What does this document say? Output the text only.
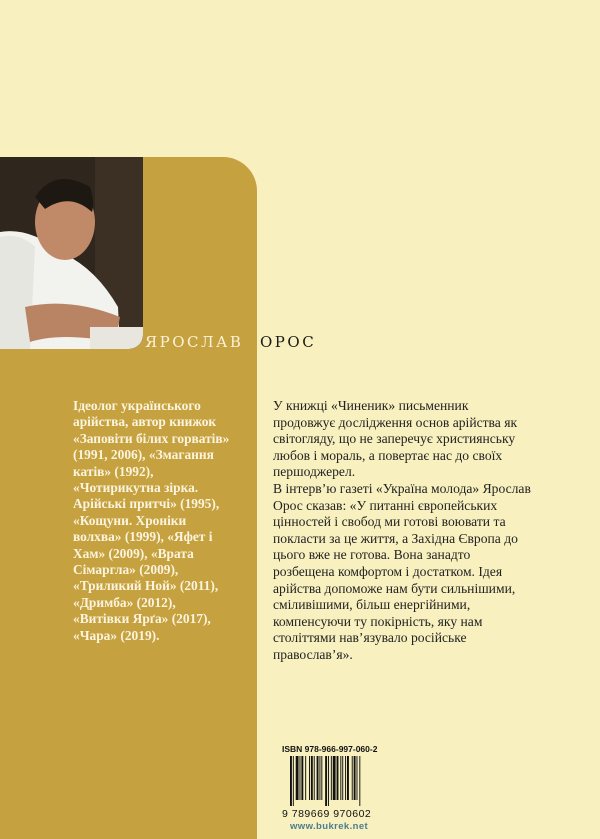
ЯРОСЛАВ ОРОС
Ідеолог українського
арійства, автор книжок
«Заповіти білих горватів»
(1991, 2006), «Змагання
катів» (1992),
«Чотирикутна зірка.
Арійські притчі» (1995),
«Кощуни. Хроніки
волхва» (1999), «Яфет і
Хам» (2009), «Врата
Сімаргла» (2009),
«Триликий Ной» (2011),
«Дримба» (2012),
«Витівки Ярґа» (2017),
«Чара» (2019).
У книжці «Чиненик» письменник
продовжує дослідження основ арійства як
світогляду, що не заперечує християнську
любов і мораль, а повертає нас до своїх
першоджерел.
В інтерв’ю газеті «Україна молода» Ярослав
Орос сказав: «У питанні європейських
цінностей і свобод ми готові воювати та
покласти за це життя, а Західна Європа до
цього вже не готова. Вона занадто
розбещена комфортом і достатком. Ідея
арійства допоможе нам бути сильнішими,
сміливішими, більш енергійними,
компенсуючи ту покірність, яку нам
століттями нав’язувало російське
православ’я».
ISBN 978-966-997-060-2
9 789669 970602
www.bukrek.net
